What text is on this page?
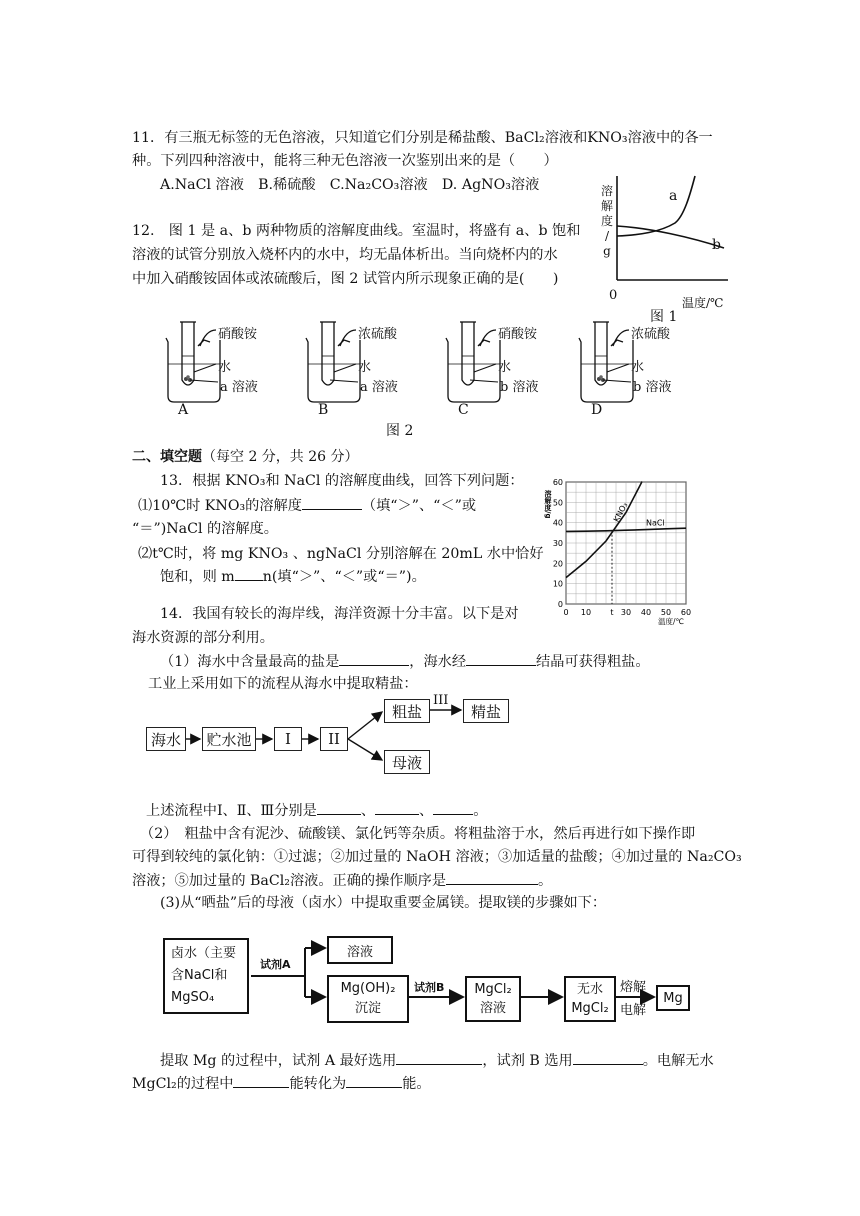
11．有三瓶无标签的无色溶液，只知道它们分别是稀盐酸、BaCl₂溶液和KNO₃溶液中的各一
种。下列四种溶液中，能将三种无色溶液一次鉴别出来的是（　　）
A.NaCl 溶液　B.稀硫酸　C.Na₂CO₃溶液　D. AgNO₃溶液
12.　图 1 是 a、b 两种物质的溶解度曲线。室温时，将盛有 a、b 饱和
溶液的试管分别放入烧杯内的水中，均无晶体析出。当向烧杯内的水
中加入硝酸铵固体或浓硫酸后，图 2 试管内所示现象正确的是(　　)
溶
解
度
/
g
a
b
0	温度/℃
图 1
硝酸铵
水
a 溶液
A
浓硫酸
水
a 溶液
B
硝酸铵
水
b 溶液
C
浓硫酸
水
b 溶液
D
图 2
二、填空题（每空 2 分，共 26 分）
13．根据 KNO₃和 NaCl 的溶解度曲线，回答下列问题：
⑴10℃时 KNO₃的溶解度	（填“＞”、“＜”或
“＝”)NaCl 的溶解度。
⑵t℃时，将 mg KNO₃ 、ngNaCl 分别溶解在 20mL 水中恰好
饱和，则 m n(填“＞”、“＜”或“＝”)。
0
10
20
30
40
50
60
0 10 t 30 40 50 60
溶解度/g
温度/℃
KNO₃ NaCl
14．我国有较长的海岸线，海洋资源十分丰富。以下是对
海水资源的部分利用。
（1）海水中含量最高的盐是	，海水经	结晶可获得粗盐。
工业上采用如下的流程从海水中提取精盐：
海水	贮水池	I	II
粗盐	精盐
母液
III
上述流程中Ⅰ、Ⅱ、Ⅲ分别是	、	、	。
（2）　粗盐中含有泥沙、硫酸镁、氯化钙等杂质。将粗盐溶于水，然后再进行如下操作即
可得到较纯的氯化钠：①过滤；②加过量的 NaOH 溶液；③加适量的盐酸；④加过量的 Na₂CO₃
溶液；⑤加过量的 BaCl₂溶液。正确的操作顺序是	。
(3)从“晒盐”后的母液（卤水）中提取重要金属镁。提取镁的步骤如下：
卤水（主要
含NaCl和
MgSO₄
试剂A
溶液
Mg(OH)₂
沉淀
试剂B MgCl₂
溶液
无水
MgCl₂
熔解
电解
Mg
提取 Mg 的过程中，试剂 A 最好选用	，试剂 B 选用	。电解无水
MgCl₂的过程中	能转化为	能。
